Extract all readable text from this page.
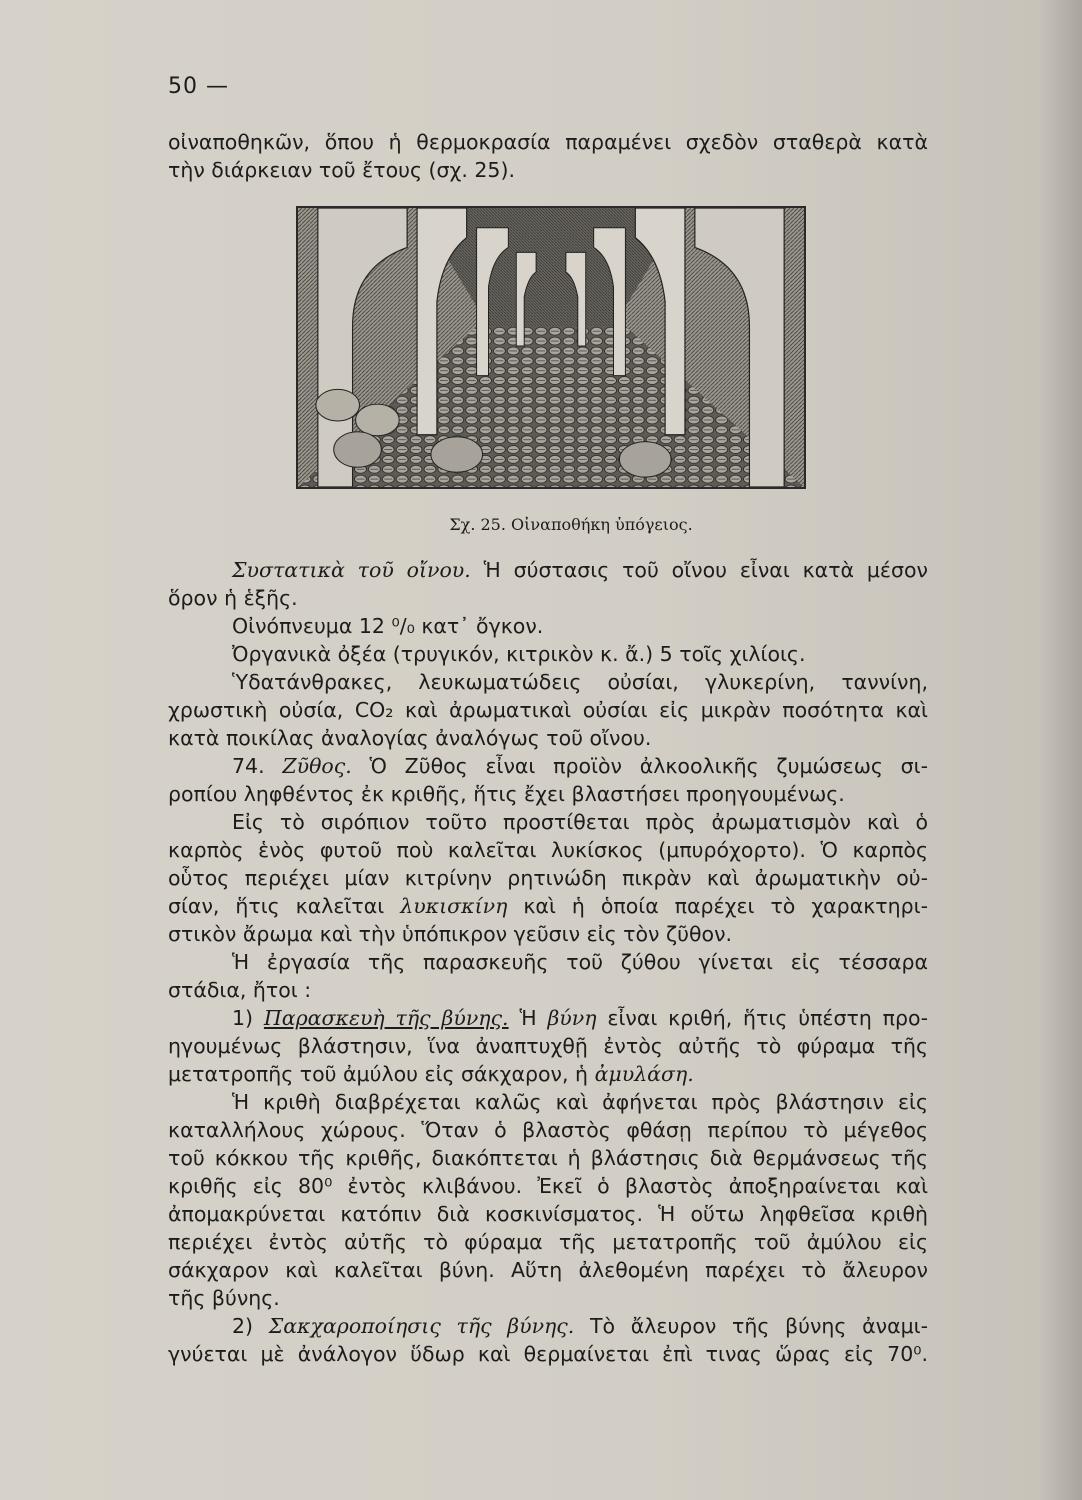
50 —
οἰναποθηκῶν, ὅπου ἡ θερμοκρασία παραμένει σχεδὸν σταθερὰ κατὰ
τὴν διάρκειαν τοῦ ἔτους (σχ. 25).
Σχ. 25. Οἰναποθήκη ὑπόγειος.
Συστατικὰ τοῦ οἴνου. Ἡ σύστασις τοῦ οἴνου εἶναι κατὰ μέσον
ὅρον ἡ ἑξῆς.
Οἰνόπνευμα 12 ⁰/₀ κατ᾽ ὄγκον.
Ὀργανικὰ ὀξέα (τρυγικόν, κιτρικὸν κ. ἄ.) 5 τοῖς χιλίοις.
Ὑδατάνθρακες, λευκωματώδεις οὐσίαι, γλυκερίνη, ταννίνη,
χρωστικὴ οὐσία, CO₂ καὶ ἀρωματικαὶ οὐσίαι εἰς μικρὰν ποσότητα καὶ
κατὰ ποικίλας ἀναλογίας ἀναλόγως τοῦ οἴνου.
74. Ζῦθος. Ὁ Ζῦθος εἶναι προϊὸν ἀλκοολικῆς ζυμώσεως σι-
ροπίου ληφθέντος ἐκ κριθῆς, ἥτις ἔχει βλαστήσει προηγουμένως.
Εἰς τὸ σιρόπιον τοῦτο προστίθεται πρὸς ἀρωματισμὸν καὶ ὁ
καρπὸς ἑνὸς φυτοῦ ποὺ καλεῖται λυκίσκος (μπυρόχορτο). Ὁ καρπὸς
οὗτος περιέχει μίαν κιτρίνην ρητινώδη πικρὰν καὶ ἀρωματικὴν οὐ-
σίαν, ἥτις καλεῖται λυκισκίνη καὶ ἡ ὁποία παρέχει τὸ χαρακτηρι-
στικὸν ἄρωμα καὶ τὴν ὑπόπικρον γεῦσιν εἰς τὸν ζῦθον.
Ἡ ἐργασία τῆς παρασκευῆς τοῦ ζύθου γίνεται εἰς τέσσαρα
στάδια, ἤτοι :
1) Παρασκευὴ τῆς βύνης. Ἡ βύνη εἶναι κριθή, ἥτις ὑπέστη προ-
ηγουμένως βλάστησιν, ἵνα ἀναπτυχθῇ ἐντὸς αὐτῆς τὸ φύραμα τῆς
μετατροπῆς τοῦ ἀμύλου εἰς σάκχαρον, ἡ ἀμυλάση.
Ἡ κριθὴ διαβρέχεται καλῶς καὶ ἀφήνεται πρὸς βλάστησιν εἰς
καταλλήλους χώρους. Ὅταν ὁ βλαστὸς φθάσῃ περίπου τὸ μέγεθος
τοῦ κόκκου τῆς κριθῆς, διακόπτεται ἡ βλάστησις διὰ θερμάνσεως τῆς
κριθῆς εἰς 80⁰ ἐντὸς κλιβάνου. Ἐκεῖ ὁ βλαστὸς ἀποξηραίνεται καὶ
ἀπομακρύνεται κατόπιν διὰ κοσκινίσματος. Ἡ οὕτω ληφθεῖσα κριθὴ
περιέχει ἐντὸς αὐτῆς τὸ φύραμα τῆς μετατροπῆς τοῦ ἀμύλου εἰς
σάκχαρον καὶ καλεῖται βύνη. Αὕτη ἀλεθομένη παρέχει τὸ ἄλευρον
τῆς βύνης.
2) Σακχαροποίησις τῆς βύνης. Τὸ ἄλευρον τῆς βύνης ἀναμι-
γνύεται μὲ ἀνάλογον ὕδωρ καὶ θερμαίνεται ἐπὶ τινας ὥρας εἰς 70⁰.
